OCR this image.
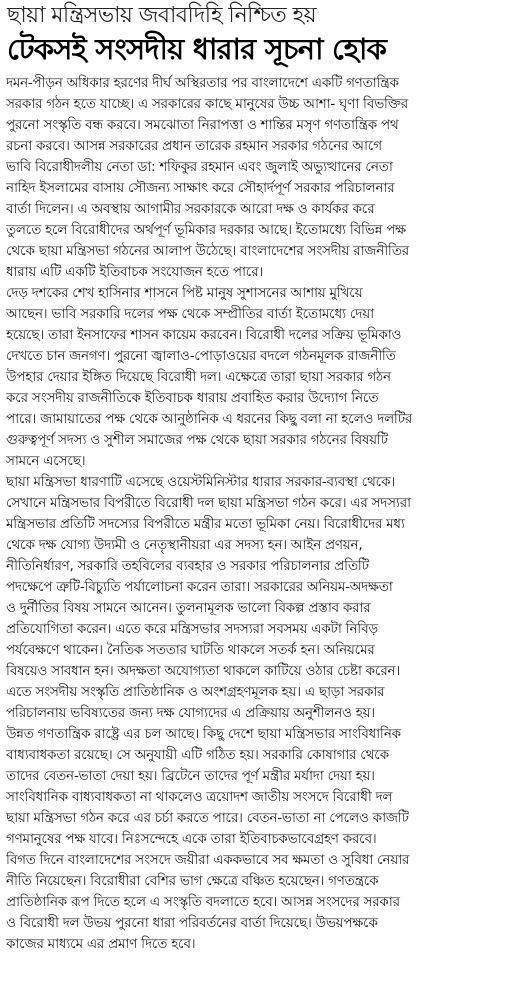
ছায়া মন্ত্রিসভায় জবাবদিহি নিশ্চিত হয়
টেকসই সংসদীয় ধারার সূচনা হোক
দমন-পীড়ন অধিকার হরণের দীর্ঘ অস্থিরতার পর বাংলাদেশে একটি গণতান্ত্রিক
সরকার গঠন হতে যাচ্ছে। এ সরকারের কাছে মানুষের উচ্চ আশা- ঘৃণা বিভক্তির
পুরনো সংস্কৃতি বন্ধ করবে। সমঝোতা নিরাপত্তা ও শান্তির মসৃণ গণতান্ত্রিক পথ
রচনা করবে। আসন্ন সরকারের প্রধান তারেক রহমান সরকার গঠনের আগে
ভাবি বিরোধীদলীয় নেতা ডা: শফিকুর রহমান এবং জুলাই অভ্যুত্থানের নেতা
নাহিদ ইসলামের বাসায় সৌজন্য সাক্ষাৎ করে সৌহার্দপূর্ণ সরকার পরিচালনার
বার্তা দিলেন। এ অবস্থায় আগামীর সরকারকে আরো দক্ষ ও কার্যকর করে
তুলতে হলে বিরোধীদের অর্থপূর্ণ ভূমিকার দরকার আছে। ইতোমধ্যে বিভিন্ন পক্ষ
থেকে ছায়া মন্ত্রিসভা গঠনের আলাপ উঠেছে। বাংলাদেশের সংসদীয় রাজনীতির
ধারায় এটি একটি ইতিবাচক সংযোজন হতে পারে।
দেড় দশকের শেখ হাসিনার শাসনে পিষ্ট মানুষ সুশাসনের আশায় মুখিয়ে
আছেন। ভাবি সরকারি দলের পক্ষ থেকে সম্প্রীতির বার্তা ইতোমধ্যে দেয়া
হয়েছে। তারা ইনসাফের শাসন কায়েম করবেন। বিরোধী দলের সক্রিয় ভূমিকাও
দেখতে চান জনগণ। পুরনো জ্বালাও-পোড়াওয়ের বদলে গঠনমূলক রাজনীতি
উপহার দেয়ার ইঙ্গিত দিয়েছে বিরোধী দল। এক্ষেত্রে তারা ছায়া সরকার গঠন
করে সংসদীয় রাজনীতিকে ইতিবাচক ধারায় প্রবাহিত করার উদ্যোগ নিতে
পারে। জামায়াতের পক্ষ থেকে আনুষ্ঠানিক এ ধরনের কিছু বলা না হলেও দলটির
গুরুত্বপূর্ণ সদস্য ও সুশীল সমাজের পক্ষ থেকে ছায়া সরকার গঠনের বিষয়টি
সামনে এসেছে।
ছায়া মন্ত্রিসভা ধারণাটি এসেছে ওয়েস্টমিনিস্টার ধারার সরকার-ব্যবস্থা থেকে।
সেখানে মন্ত্রিসভার বিপরীতে বিরোধী দল ছায়া মন্ত্রিসভা গঠন করে। এর সদস্যরা
মন্ত্রিসভার প্রতিটি সদস্যের বিপরীতে মন্ত্রীর মতো ভূমিকা নেয়। বিরোধীদের মধ্য
থেকে দক্ষ যোগ্য উদ্যমী ও নেতৃস্থানীয়রা এর সদস্য হন। আইন প্রণয়ন,
নীতিনির্ধারণ, সরকারি তহবিলের ব্যবহার ও সরকার পরিচালনার প্রতিটি
পদক্ষেপে ত্রুটি-বিচ্যুতি পর্যালোচনা করেন তারা। সরকারের অনিয়ম-অদক্ষতা
ও দুর্নীতির বিষয় সামনে আনেন। তুলনামূলক ভালো বিকল্প প্রস্তাব করার
প্রতিযোগিতা করেন। এতে করে মন্ত্রিসভার সদস্যরা সবসময় একটা নিবিড়
পর্যবেক্ষণে থাকেন। নৈতিক সততার ঘাটতি থাকলে সতর্ক হন। অনিয়মের
বিষয়েও সাবধান হন। অদক্ষতা অযোগ্যতা থাকলে কাটিয়ে ওঠার চেষ্টা করেন।
এতে সংসদীয় সংস্কৃতি প্রাতিষ্ঠানিক ও অংশগ্রহণমূলক হয়। এ ছাড়া সরকার
পরিচালনায় ভবিষ্যতের জন্য দক্ষ যোগ্যদের এ প্রক্রিয়ায় অনুশীলনও হয়।
উন্নত গণতান্ত্রিক রাষ্ট্রে এর চল আছে। কিছু দেশে ছায়া মন্ত্রিসভার সাংবিধানিক
বাধ্যবাধকতা রয়েছে। সে অনুযায়ী এটি গঠিত হয়। সরকারি কোষাগার থেকে
তাদের বেতন-ভাতা দেয়া হয়। ব্রিটেনে তাদের পূর্ণ মন্ত্রীর মর্যাদা দেয়া হয়।
সাংবিধানিক বাধ্যবাধকতা না থাকলেও ত্রয়োদশ জাতীয় সংসদে বিরোধী দল
ছায়া মন্ত্রিসভা গঠন করে এর চর্চা করতে পারে। বেতন-ভাতা না পেলেও কাজটি
গণমানুষের পক্ষ যাবে। নিঃসন্দেহে একে তারা ইতিবাচকভাবেগ্রহণ করবে।
বিগত দিনে বাংলাদেশের সংসদে জয়ীরা এককভাবে সব ক্ষমতা ও সুবিধা নেয়ার
নীতি নিয়েছেন। বিরোধীরা বেশির ভাগ ক্ষেত্রে বঞ্চিত হয়েছেন। গণতন্ত্রকে
প্রাতিষ্ঠানিক রূপ দিতে হলে এ সংস্কৃতি বদলাতে হবে। আসন্ন সংসদের সরকার
ও বিরোধী দল উভয় পুরনো ধারা পরিবর্তনের বার্তা দিয়েছে। উভয়পক্ষকে
কাজের মাধ্যমে এর প্রমাণ দিতে হবে।
